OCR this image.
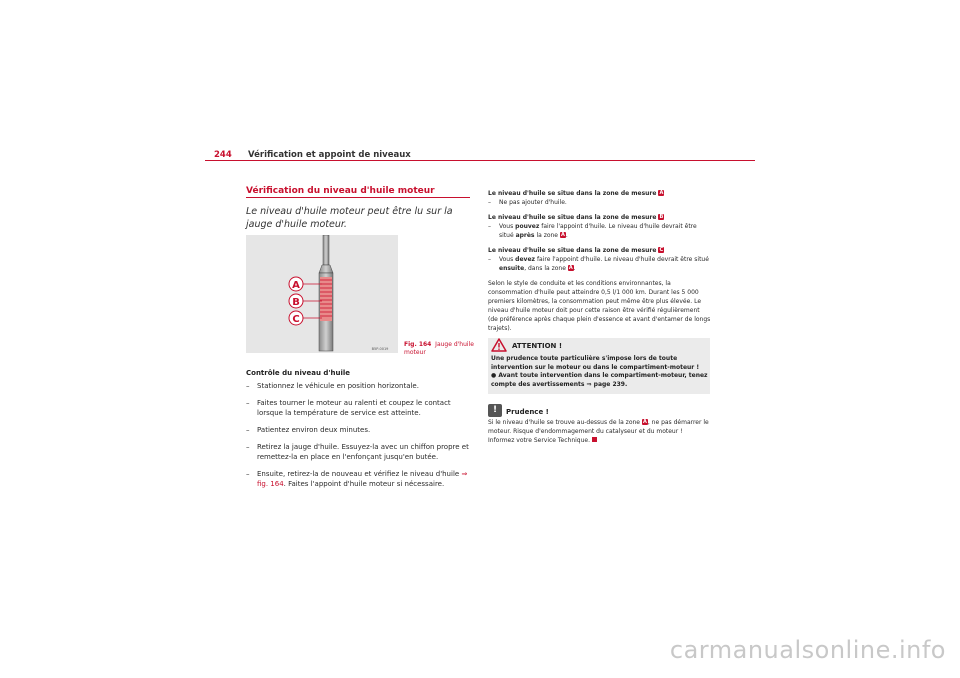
244 Vérification et appoint de niveaux
Vérification du niveau d'huile moteur
Le niveau d'huile moteur peut être lu sur la jauge d'huile moteur.
A
B
C
B5P-0019
Fig. 164 Jauge d'huile moteur
Contrôle du niveau d'huile
–	Stationnez le véhicule en position horizontale.
–	Faites tourner le moteur au ralenti et coupez le contact lorsque la température de service est atteinte.
–	Patientez environ deux minutes.
–	Retirez la jauge d'huile. Essuyez-la avec un chiffon propre et remettez-la en place en l'enfonçant jusqu'en butée.
–	Ensuite, retirez-la de nouveau et vérifiez le niveau d'huile ⇒ fig. 164. Faites l'appoint d'huile moteur si nécessaire.
Le niveau d'huile se situe dans la zone de mesure A
–	Ne pas ajouter d'huile.
Le niveau d'huile se situe dans la zone de mesure B
–	Vous pouvez faire l'appoint d'huile. Le niveau d'huile devrait être situé après la zone A.
Le niveau d'huile se situe dans la zone de mesure C
–	Vous devez faire l'appoint d'huile. Le niveau d'huile devrait être situé ensuite, dans la zone A.
Selon le style de conduite et les conditions environnantes, la consommation d'huile peut atteindre 0,5 l/1 000 km. Durant les 5 000 premiers kilomètres, la consommation peut même être plus élevée. Le niveau d'huile moteur doit pour cette raison être vérifié régulièrement (de préférence après chaque plein d'essence et avant d'entamer de longs trajets).
ATTENTION !
Une prudence toute particulière s'impose lors de toute intervention sur le moteur ou dans le compartiment-moteur !
● Avant toute intervention dans le compartiment-moteur, tenez compte des avertissements ⇒ page 239.
!	Prudence !
Si le niveau d'huile se trouve au-dessus de la zone A, ne pas démarrer le moteur. Risque d'endommagement du catalyseur et du moteur ! Informez votre Service Technique.
carmanualsonline.info
